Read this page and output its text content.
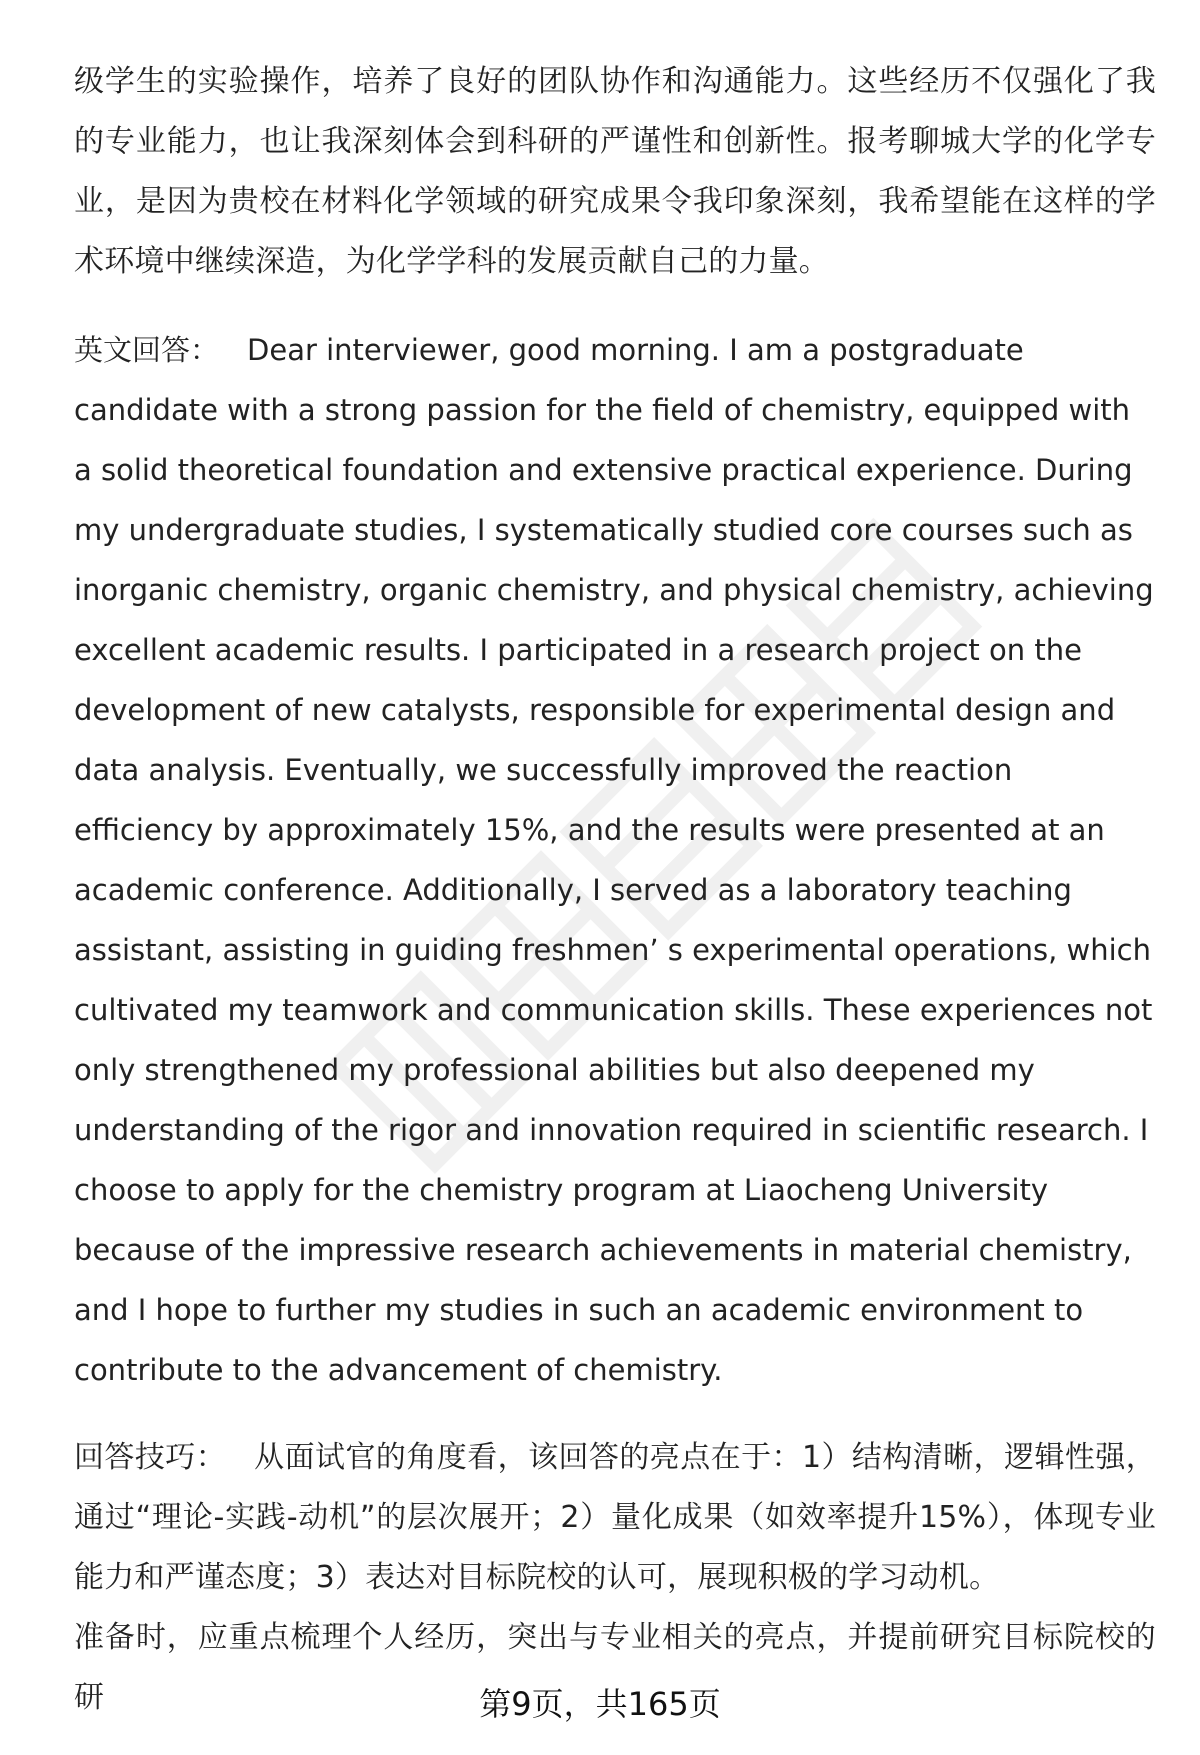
级学生的实验操作，培养了良好的团队协作和沟通能力。这些经历不仅强化了我的专业能力，也让我深刻体会到科研的严谨性和创新性。报考聊城大学的化学专业，是因为贵校在材料化学领域的研究成果令我印象深刻，我希望能在这样的学术环境中继续深造，为化学学科的发展贡献自己的力量。

英文回答： Dear interviewer, good morning. I am a postgraduate candidate with a strong passion for the field of chemistry, equipped with a solid theoretical foundation and extensive practical experience. During my undergraduate studies, I systematically studied core courses such as inorganic chemistry, organic chemistry, and physical chemistry, achieving excellent academic results. I participated in a research project on the development of new catalysts, responsible for experimental design and data analysis. Eventually, we successfully improved the reaction efficiency by approximately 15%, and the results were presented at an academic conference. Additionally, I served as a laboratory teaching assistant, assisting in guiding freshmen’ s experimental operations, which cultivated my teamwork and communication skills. These experiences not only strengthened my professional abilities but also deepened my understanding of the rigor and innovation required in scientific research. I choose to apply for the chemistry program at Liaocheng University because of the impressive research achievements in material chemistry, and I hope to further my studies in such an academic environment to contribute to the advancement of chemistry.

回答技巧： 从面试官的角度看，该回答的亮点在于：1）结构清晰，逻辑性强，通过“理论-实践-动机”的层次展开；2）量化成果（如效率提升15%），体现专业能力和严谨态度；3）表达对目标院校的认可，展现积极的学习动机。

准备时，应重点梳理个人经历，突出与专业相关的亮点，并提前研究目标院校的研	第9页，共165页
